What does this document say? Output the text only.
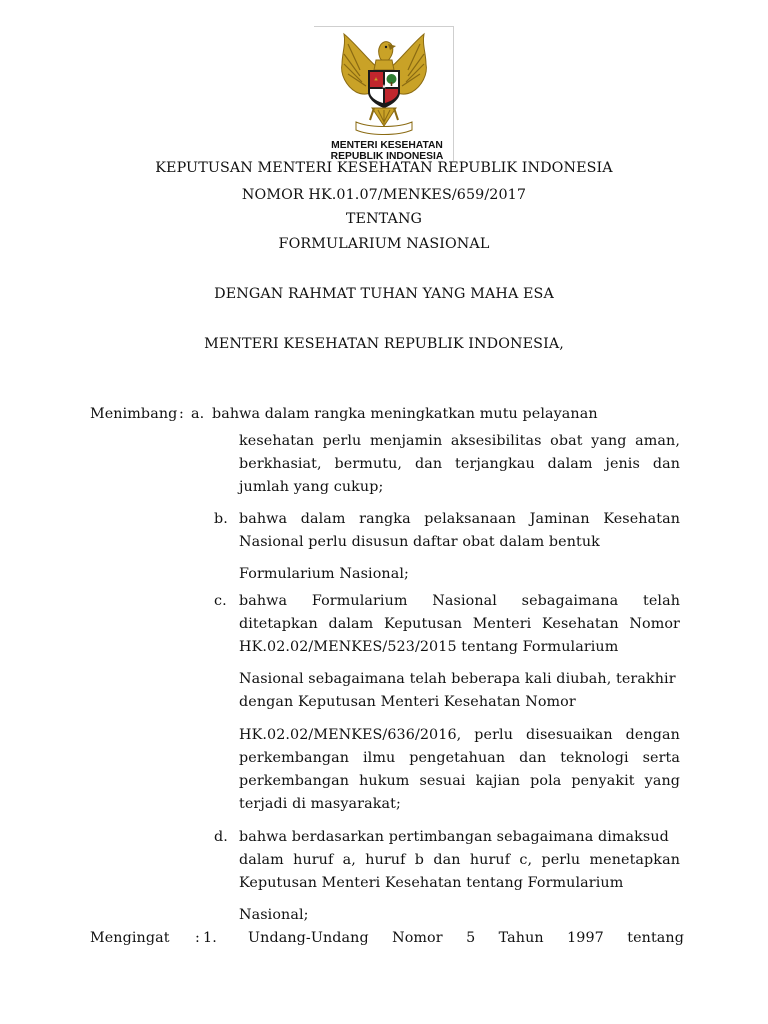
MENTERI KESEHATAN
REPUBLIK INDONESIA
KEPUTUSAN MENTERI KESEHATAN REPUBLIK INDONESIA
NOMOR HK.01.07/MENKES/659/2017
TENTANG
FORMULARIUM NASIONAL
DENGAN RAHMAT TUHAN YANG MAHA ESA
MENTERI KESEHATAN REPUBLIK INDONESIA,
Menimbang : a. bahwa dalam rangka meningkatkan mutu pelayanan
kesehatan perlu menjamin aksesibilitas obat yang aman,
berkhasiat, bermutu, dan terjangkau dalam jenis dan
jumlah yang cukup;
b. bahwa dalam rangka pelaksanaan Jaminan Kesehatan
Nasional perlu disusun daftar obat dalam bentuk
Formularium Nasional;
c. bahwa Formularium Nasional sebagaimana telah
ditetapkan dalam Keputusan Menteri Kesehatan Nomor
HK.02.02/MENKES/523/2015 tentang Formularium
Nasional sebagaimana telah beberapa kali diubah, terakhir
dengan Keputusan Menteri Kesehatan Nomor
HK.02.02/MENKES/636/2016, perlu disesuaikan dengan
perkembangan ilmu pengetahuan dan teknologi serta
perkembangan hukum sesuai kajian pola penyakit yang
terjadi di masyarakat;
d. bahwa berdasarkan pertimbangan sebagaimana dimaksud
dalam huruf a, huruf b dan huruf c, perlu menetapkan
Keputusan Menteri Kesehatan tentang Formularium
Nasional;
Mengingat : 1. Undang-Undang Nomor 5 Tahun 1997 tentang
